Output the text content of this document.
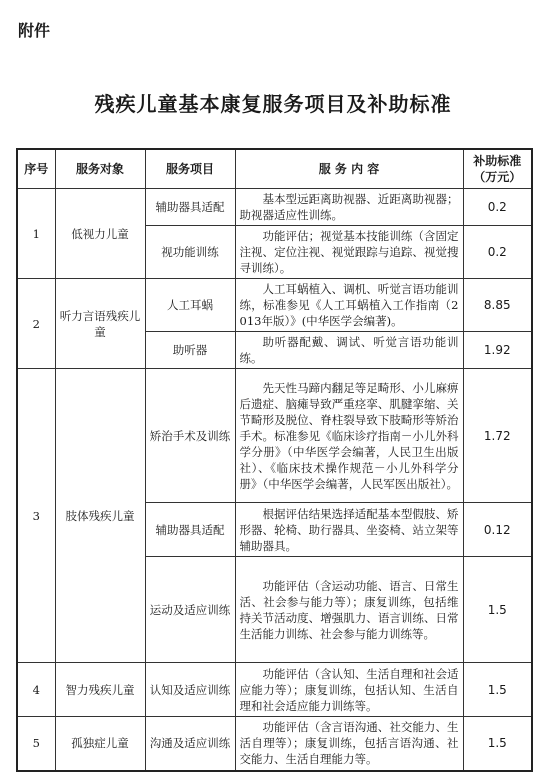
附件
残疾儿童基本康复服务项目及补助标准
序号	服务对象	服务项目	服 务 内 容	补助标准（万元）
1	低视力儿童	辅助器具适配	基本型远距离助视器、近距离助视器；助视器适应性训练。	0.2
		视功能训练	功能评估；视觉基本技能训练（含固定注视、定位注视、视觉跟踪与追踪、视觉搜寻训练）。	0.2
2	听力言语残疾儿童	人工耳蜗	人工耳蜗植入、调机、听觉言语功能训练，标准参见《人工耳蜗植入工作指南（2013年版）》(中华医学会编著)。	8.85
		助听器	助听器配戴、调试、听觉言语功能训练。	1.92
3	肢体残疾儿童	矫治手术及训练	先天性马蹄内翻足等足畸形、小儿麻痹后遗症、脑瘫导致严重痉挛、肌腱挛缩、关节畸形及脱位、脊柱裂导致下肢畸形等矫治手术。标准参见《临床诊疗指南－小儿外科学分册》（中华医学会编著，人民卫生出版社）、《临床技术操作规范－小儿外科学分册》（中华医学会编著，人民军医出版社）。	1.72
		辅助器具适配	根据评估结果选择适配基本型假肢、矫形器、轮椅、助行器具、坐姿椅、站立架等辅助器具。	0.12
		运动及适应训练	功能评估（含运动功能、语言、日常生活、社会参与能力等）；康复训练，包括维持关节活动度、增强肌力、语言训练、日常生活能力训练、社会参与能力训练等。	1.5
4	智力残疾儿童	认知及适应训练	功能评估（含认知、生活自理和社会适应能力等）；康复训练，包括认知、生活自理和社会适应能力训练等。	1.5
5	孤独症儿童	沟通及适应训练	功能评估（含言语沟通、社交能力、生活自理等）；康复训练，包括言语沟通、社交能力、生活自理能力等。	1.5
